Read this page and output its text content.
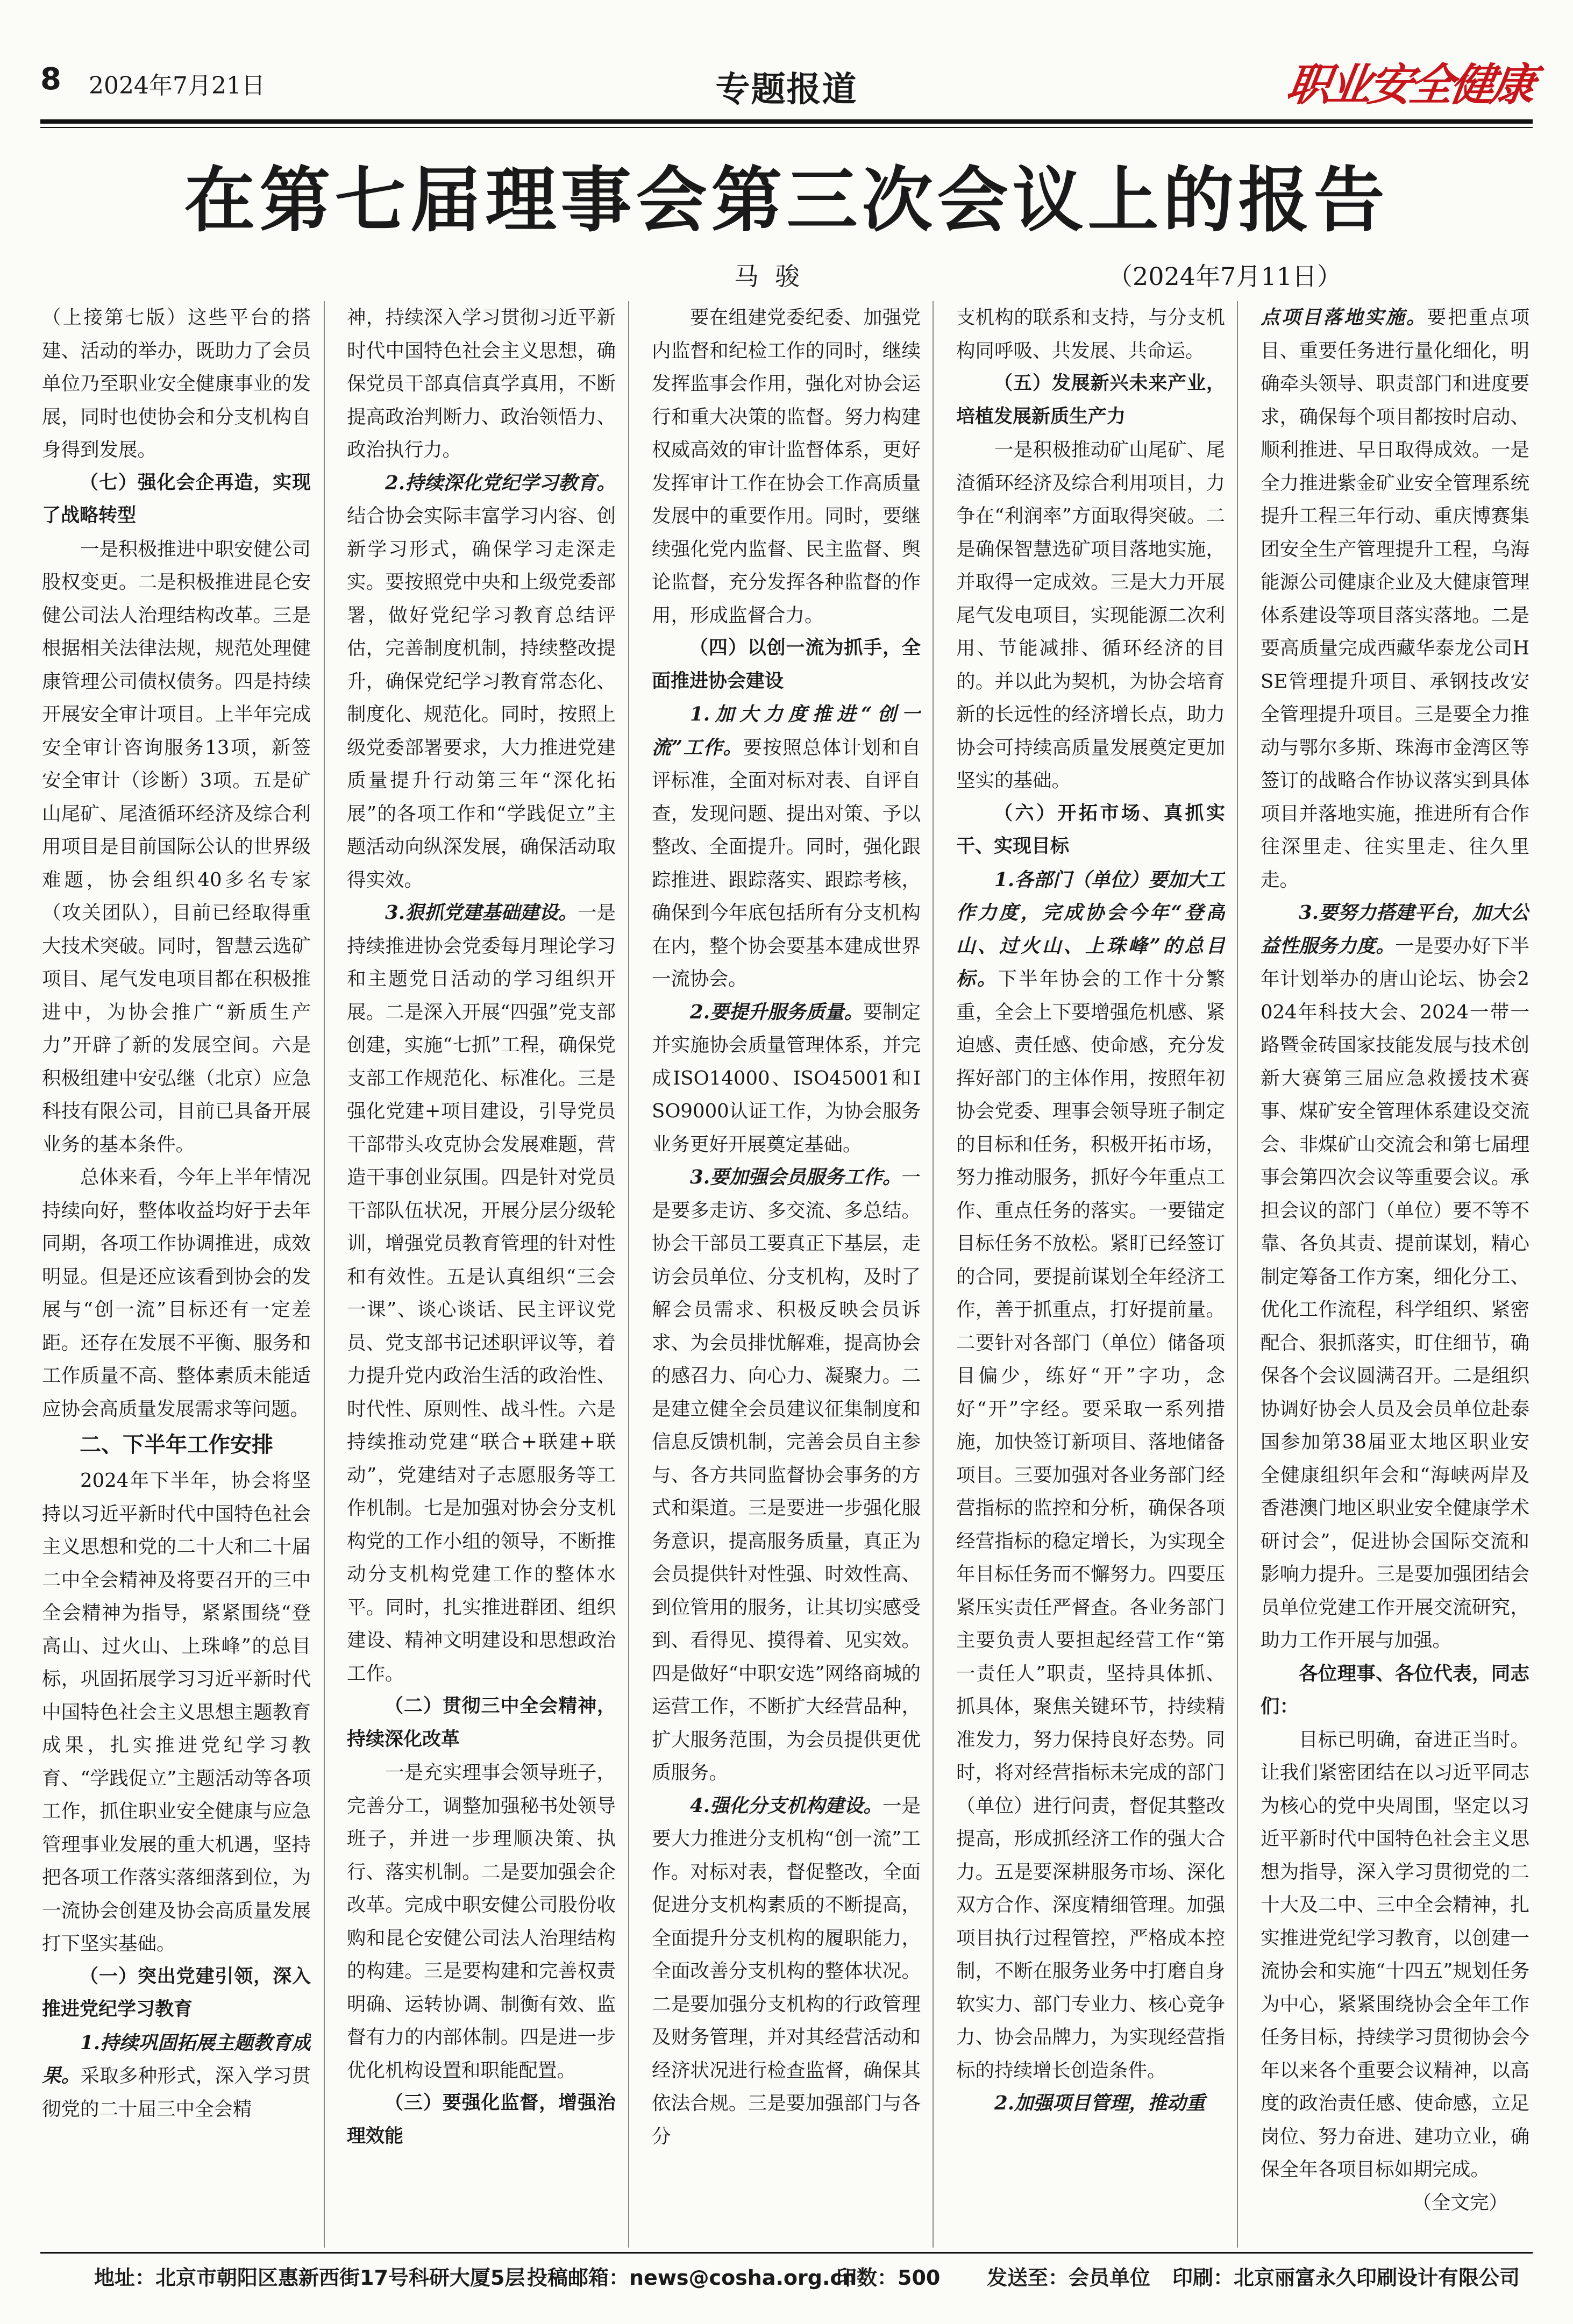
8 2024年7月21日	专题报道	职业安全健康
在第七届理事会第三次会议上的报告
马骏	（2024年7月11日）

（上接第七版）这些平台的搭建、活动的举办，既助力了会员单位乃至职业安全健康事业的发展，同时也使协会和分支机构自身得到发展。

（七）强化会企再造，实现了战略转型

一是积极推进中职安健公司股权变更。二是积极推进昆仑安健公司法人治理结构改革。三是根据相关法律法规，规范处理健康管理公司债权债务。四是持续开展安全审计项目。上半年完成安全审计咨询服务13项，新签安全审计（诊断）3项。五是矿山尾矿、尾渣循环经济及综合利用项目是目前国际公认的世界级难题，协会组织40多名专家（攻关团队），目前已经取得重大技术突破。同时，智慧云选矿项目、尾气发电项目都在积极推进中，为协会推广“新质生产力”开辟了新的发展空间。六是积极组建中安弘继（北京）应急科技有限公司，目前已具备开展业务的基本条件。

总体来看，今年上半年情况持续向好，整体收益均好于去年同期，各项工作协调推进，成效明显。但是还应该看到协会的发展与“创一流”目标还有一定差距。还存在发展不平衡、服务和工作质量不高、整体素质未能适应协会高质量发展需求等问题。

二、下半年工作安排

2024年下半年，协会将坚持以习近平新时代中国特色社会主义思想和党的二十大和二十届二中全会精神及将要召开的三中全会精神为指导，紧紧围绕“登高山、过火山、上珠峰”的总目标，巩固拓展学习习近平新时代中国特色社会主义思想主题教育成果，扎实推进党纪学习教育、“学践促立”主题活动等各项工作，抓住职业安全健康与应急管理事业发展的重大机遇，坚持把各项工作落实落细落到位，为一流协会创建及协会高质量发展打下坚实基础。

（一）突出党建引领，深入推进党纪学习教育

1.持续巩固拓展主题教育成果。采取多种形式，深入学习贯彻党的二十届三中全会精

神，持续深入学习贯彻习近平新时代中国特色社会主义思想，确保党员干部真信真学真用，不断提高政治判断力、政治领悟力、政治执行力。

2.持续深化党纪学习教育。结合协会实际丰富学习内容、创新学习形式，确保学习走深走实。要按照党中央和上级党委部署，做好党纪学习教育总结评估，完善制度机制，持续整改提升，确保党纪学习教育常态化、制度化、规范化。同时，按照上级党委部署要求，大力推进党建质量提升行动第三年“深化拓展”的各项工作和“学践促立”主题活动向纵深发展，确保活动取得实效。

3.狠抓党建基础建设。一是持续推进协会党委每月理论学习和主题党日活动的学习组织开展。二是深入开展“四强”党支部创建，实施“七抓”工程，确保党支部工作规范化、标准化。三是强化党建+项目建设，引导党员干部带头攻克协会发展难题，营造干事创业氛围。四是针对党员干部队伍状况，开展分层分级轮训，增强党员教育管理的针对性和有效性。五是认真组织“三会一课”、谈心谈话、民主评议党员、党支部书记述职评议等，着力提升党内政治生活的政治性、时代性、原则性、战斗性。六是持续推动党建“联合+联建+联动”，党建结对子志愿服务等工作机制。七是加强对协会分支机构党的工作小组的领导，不断推动分支机构党建工作的整体水平。同时，扎实推进群团、组织建设、精神文明建设和思想政治工作。

（二）贯彻三中全会精神，持续深化改革

一是充实理事会领导班子，完善分工，调整加强秘书处领导班子，并进一步理顺决策、执行、落实机制。二是要加强会企改革。完成中职安健公司股份收购和昆仑安健公司法人治理结构的构建。三是要构建和完善权责明确、运转协调、制衡有效、监督有力的内部体制。四是进一步优化机构设置和职能配置。

（三）要强化监督，增强治理效能

要在组建党委纪委、加强党内监督和纪检工作的同时，继续发挥监事会作用，强化对协会运行和重大决策的监督。努力构建权威高效的审计监督体系，更好发挥审计工作在协会工作高质量发展中的重要作用。同时，要继续强化党内监督、民主监督、舆论监督，充分发挥各种监督的作用，形成监督合力。

（四）以创一流为抓手，全面推进协会建设

1.加大力度推进“创一流”工作。要按照总体计划和自评标准，全面对标对表、自评自查，发现问题、提出对策、予以整改、全面提升。同时，强化跟踪推进、跟踪落实、跟踪考核，确保到今年底包括所有分支机构在内，整个协会要基本建成世界一流协会。

2.要提升服务质量。要制定并实施协会质量管理体系，并完成ISO14000、ISO45001和ISO9000认证工作，为协会服务业务更好开展奠定基础。

3.要加强会员服务工作。一是要多走访、多交流、多总结。协会干部员工要真正下基层，走访会员单位、分支机构，及时了解会员需求、积极反映会员诉求、为会员排忧解难，提高协会的感召力、向心力、凝聚力。二是建立健全会员建议征集制度和信息反馈机制，完善会员自主参与、各方共同监督协会事务的方式和渠道。三是要进一步强化服务意识，提高服务质量，真正为会员提供针对性强、时效性高、到位管用的服务，让其切实感受到、看得见、摸得着、见实效。四是做好“中职安选”网络商城的运营工作，不断扩大经营品种，扩大服务范围，为会员提供更优质服务。

4.强化分支机构建设。一是要大力推进分支机构“创一流”工作。对标对表，督促整改，全面促进分支机构素质的不断提高，全面提升分支机构的履职能力，全面改善分支机构的整体状况。二是要加强分支机构的行政管理及财务管理，并对其经营活动和经济状况进行检查监督，确保其依法合规。三是要加强部门与各分

支机构的联系和支持，与分支机构同呼吸、共发展、共命运。

（五）发展新兴未来产业，培植发展新质生产力

一是积极推动矿山尾矿、尾渣循环经济及综合利用项目，力争在“利润率”方面取得突破。二是确保智慧选矿项目落地实施，并取得一定成效。三是大力开展尾气发电项目，实现能源二次利用、节能减排、循环经济的目的。并以此为契机，为协会培育新的长远性的经济增长点，助力协会可持续高质量发展奠定更加坚实的基础。

（六）开拓市场、真抓实干、实现目标

1.各部门（单位）要加大工作力度，完成协会今年“登高山、过火山、上珠峰”的总目标。下半年协会的工作十分繁重，全会上下要增强危机感、紧迫感、责任感、使命感，充分发挥好部门的主体作用，按照年初协会党委、理事会领导班子制定的目标和任务，积极开拓市场，努力推动服务，抓好今年重点工作、重点任务的落实。一要锚定目标任务不放松。紧盯已经签订的合同，要提前谋划全年经济工作，善于抓重点，打好提前量。二要针对各部门（单位）储备项目偏少，练好“开”字功，念好“开”字经。要采取一系列措施，加快签订新项目、落地储备项目。三要加强对各业务部门经营指标的监控和分析，确保各项经营指标的稳定增长，为实现全年目标任务而不懈努力。四要压紧压实责任严督查。各业务部门主要负责人要担起经营工作“第一责任人”职责，坚持具体抓、抓具体，聚焦关键环节，持续精准发力，努力保持良好态势。同时，将对经营指标未完成的部门（单位）进行问责，督促其整改提高，形成抓经济工作的强大合力。五是要深耕服务市场、深化双方合作、深度精细管理。加强项目执行过程管控，严格成本控制，不断在服务业务中打磨自身软实力、部门专业力、核心竞争力、协会品牌力，为实现经营指标的持续增长创造条件。

2.加强项目管理，推动重

点项目落地实施。要把重点项目、重要任务进行量化细化，明确牵头领导、职责部门和进度要求，确保每个项目都按时启动、顺利推进、早日取得成效。一是全力推进紫金矿业安全管理系统提升工程三年行动、重庆博赛集团安全生产管理提升工程，乌海能源公司健康企业及大健康管理体系建设等项目落实落地。二是要高质量完成西藏华泰龙公司HSE管理提升项目、承钢技改安全管理提升项目。三是要全力推动与鄂尔多斯、珠海市金湾区等签订的战略合作协议落实到具体项目并落地实施，推进所有合作往深里走、往实里走、往久里走。

3.要努力搭建平台，加大公益性服务力度。一是要办好下半年计划举办的唐山论坛、协会2024年科技大会、2024一带一路暨金砖国家技能发展与技术创新大赛第三届应急救援技术赛事、煤矿安全管理体系建设交流会、非煤矿山交流会和第七届理事会第四次会议等重要会议。承担会议的部门（单位）要不等不靠、各负其责、提前谋划，精心制定筹备工作方案，细化分工、优化工作流程，科学组织、紧密配合、狠抓落实，盯住细节，确保各个会议圆满召开。二是组织协调好协会人员及会员单位赴泰国参加第38届亚太地区职业安全健康组织年会和“海峡两岸及香港澳门地区职业安全健康学术研讨会”，促进协会国际交流和影响力提升。三是要加强团结会员单位党建工作开展交流研究，助力工作开展与加强。

各位理事、各位代表，同志们：

目标已明确，奋进正当时。让我们紧密团结在以习近平同志为核心的党中央周围，坚定以习近平新时代中国特色社会主义思想为指导，深入学习贯彻党的二十大及二中、三中全会精神，扎实推进党纪学习教育，以创建一流协会和实施“十四五”规划任务为中心，紧紧围绕协会全年工作任务目标，持续学习贯彻协会今年以来各个重要会议精神，以高度的政治责任感、使命感，立足岗位、努力奋进、建功立业，确保全年各项目标如期完成。

（全文完）

地址：北京市朝阳区惠新西街17号科研大厦5层 投稿邮箱：news@cosha.org.cn
印数：500 发送至：会员单位 印刷：北京丽富永久印刷设计有限公司
